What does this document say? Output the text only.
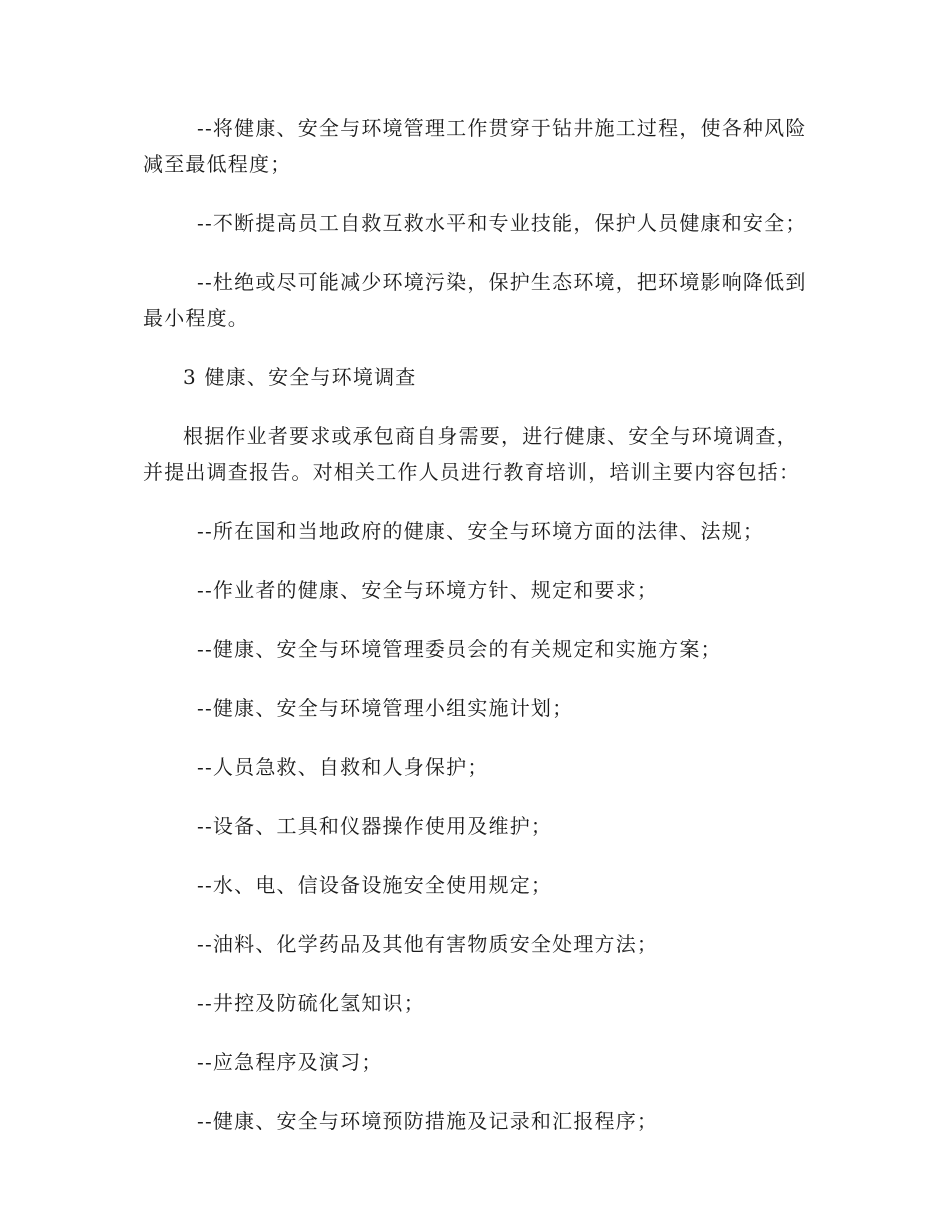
--将健康、安全与环境管理工作贯穿于钻井施工过程，使各种风险减至最低程度；

--不断提高员工自救互救水平和专业技能，保护人员健康和安全；

--杜绝或尽可能减少环境污染，保护生态环境，把环境影响降低到最小程度。

3 健康、安全与环境调查

根据作业者要求或承包商自身需要，进行健康、安全与环境调查，并提出调查报告。对相关工作人员进行教育培训，培训主要内容包括：

--所在国和当地政府的健康、安全与环境方面的法律、法规；

--作业者的健康、安全与环境方针、规定和要求；

--健康、安全与环境管理委员会的有关规定和实施方案；

--健康、安全与环境管理小组实施计划；

--人员急救、自救和人身保护；

--设备、工具和仪器操作使用及维护；

--水、电、信设备设施安全使用规定；

--油料、化学药品及其他有害物质安全处理方法；

--井控及防硫化氢知识；

--应急程序及演习；

--健康、安全与环境预防措施及记录和汇报程序；
